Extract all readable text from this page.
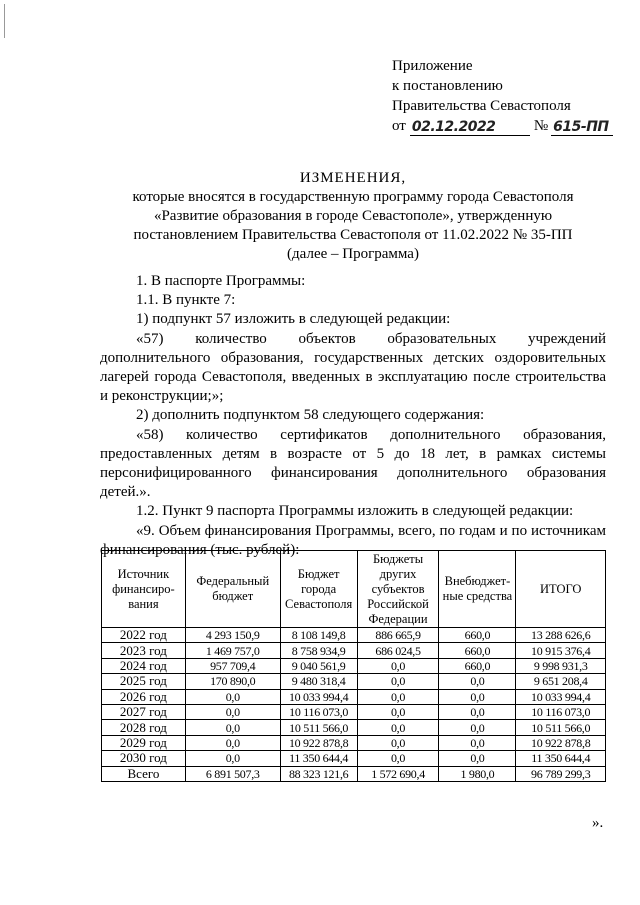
Приложение
к постановлению
Правительства Севастополя
от 02.12.2022	№ 615-ПП
ИЗМЕНЕНИЯ,
которые вносятся в государственную программу города Севастополя
«Развитие образования в городе Севастополе», утвержденную
постановлением Правительства Севастополя от 11.02.2022 № 35-ПП
(далее – Программа)

1. В паспорте Программы:

1.1. В пункте 7:

1) подпункт 57 изложить в следующей редакции:

«57) количество объектов образовательных учреждений дополнительного образования, государственных детских оздоровительных лагерей города Севастополя, введенных в эксплуатацию после строительства и реконструкции;»;

2) дополнить подпунктом 58 следующего содержания:

«58) количество сертификатов дополнительного образования, предоставленных детям в возрасте от 5 до 18 лет, в рамках системы персонифицированного финансирования дополнительного образования детей.».

1.2. Пункт 9 паспорта Программы изложить в следующей редакции:

«9. Объем финансирования Программы, всего, по годам и по источникам финансирования (тыс. рублей):

Источник финансиро-вания	Федеральный бюджет	Бюджет города Севастополя	Бюджеты других субъектов Российской Федерации	Внебюджет-ные средства	ИТОГО
2022 год	4 293 150,9	8 108 149,8	886 665,9	660,0	13 288 626,6
2023 год	1 469 757,0	8 758 934,9	686 024,5	660,0	10 915 376,4
2024 год	957 709,4	9 040 561,9	0,0	660,0	9 998 931,3
2025 год	170 890,0	9 480 318,4	0,0	0,0	9 651 208,4
2026 год	0,0	10 033 994,4	0,0	0,0	10 033 994,4
2027 год	0,0	10 116 073,0	0,0	0,0	10 116 073,0
2028 год	0,0	10 511 566,0	0,0	0,0	10 511 566,0
2029 год	0,0	10 922 878,8	0,0	0,0	10 922 878,8
2030 год	0,0	11 350 644,4	0,0	0,0	11 350 644,4
Всего	6 891 507,3	88 323 121,6	1 572 690,4	1 980,0	96 789 299,3
».
